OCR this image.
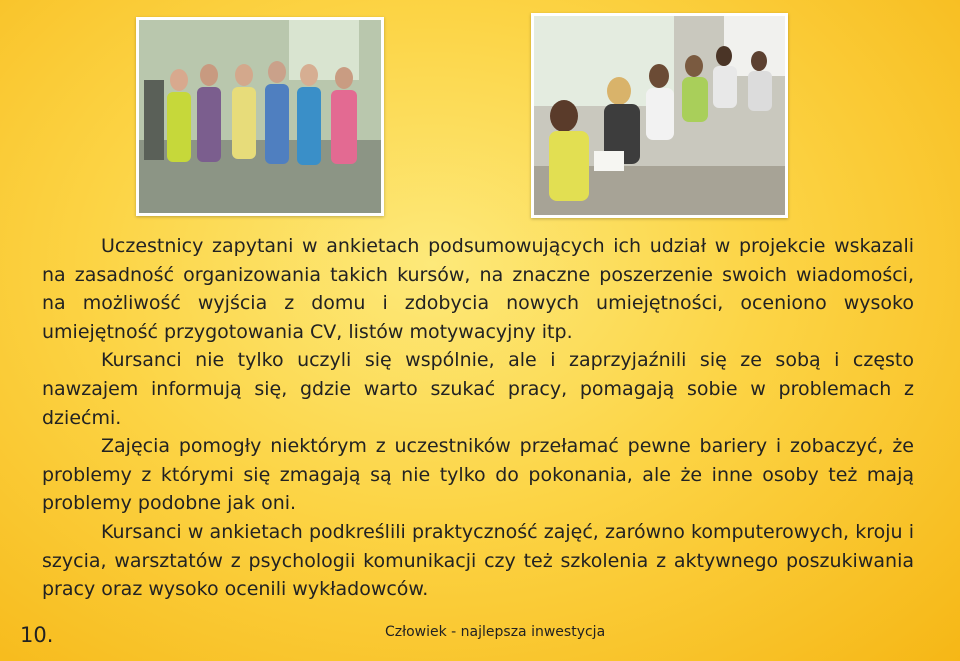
Uczestnicy zapytani w ankietach podsumowujących ich udział w projekcie wskazali na zasadność organizowania takich kursów, na znaczne poszerzenie swoich wiadomości, na możliwość wyjścia z domu i zdobycia nowych umiejętności, oceniono wysoko umiejętność przygotowania CV, listów motywacyjny itp.

Kursanci nie tylko uczyli się wspólnie, ale i zaprzyjaźnili się ze sobą i często nawzajem informują się, gdzie warto szukać pracy, pomagają sobie w problemach z dziećmi.

Zajęcia pomogły niektórym z uczestników przełamać pewne bariery i zobaczyć, że problemy z którymi się zmagają są nie tylko do pokonania, ale że inne osoby też mają problemy podobne jak oni.

Kursanci w ankietach podkreślili praktyczność zajęć, zarówno komputerowych, kroju i szycia, warsztatów z psychologii komunikacji czy też szkolenia z aktywnego poszukiwania pracy oraz wysoko ocenili wykładowców.

10.	Człowiek - najlepsza inwestycja
